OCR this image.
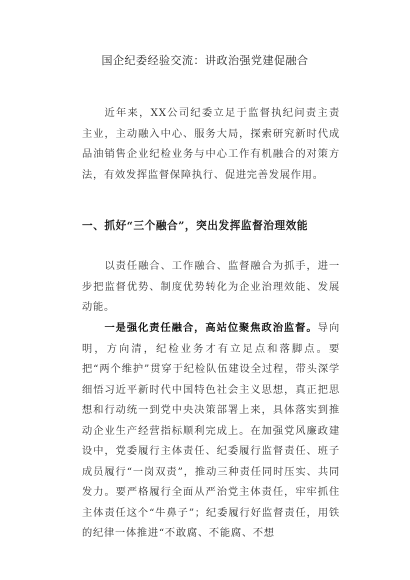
国企纪委经验交流：讲政治强党建促融合
近年来，XX公司纪委立足于监督执纪问责主责主业，主动融入中心、服务大局，探索研究新时代成品油销售企业纪检业务与中心工作有机融合的对策方法，有效发挥监督保障执行、促进完善发展作用。
一、抓好“三个融合”，突出发挥监督治理效能
以责任融合、工作融合、监督融合为抓手，进一步把监督优势、制度优势转化为企业治理效能、发展动能。
一是强化责任融合，高站位聚焦政治监督。导向明，方向清，纪检业务才有立足点和落脚点。要把“两个维护”贯穿于纪检队伍建设全过程，带头深学细悟习近平新时代中国特色社会主义思想，真正把思想和行动统一到党中央决策部署上来，具体落实到推动企业生产经营指标顺利完成上。在加强党风廉政建设中，党委履行主体责任、纪委履行监督责任、班子成员履行“一岗双责”，推动三种责任同时压实、共同发力。要严格履行全面从严治党主体责任，牢牢抓住主体责任这个“牛鼻子”；纪委履行好监督责任，用铁的纪律一体推进“不敢腐、不能腐、不想
